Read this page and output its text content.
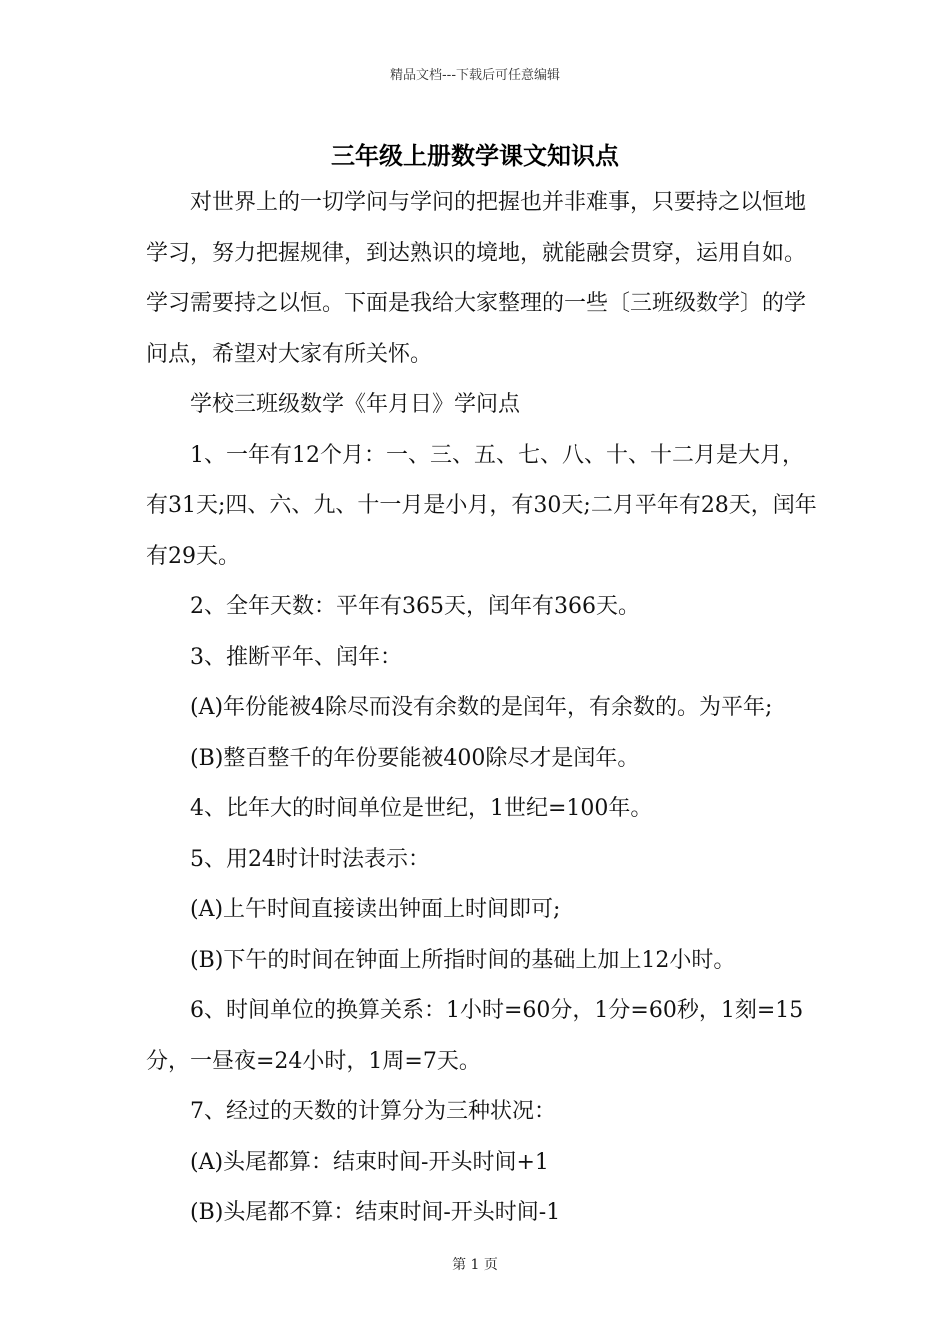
精品文档---下载后可任意编辑
三年级上册数学课文知识点

对世界上的一切学问与学问的把握也并非难事，只要持之以恒地学习，努力把握规律，到达熟识的境地，就能融会贯穿，运用自如。学习需要持之以恒。下面是我给大家整理的一些〔三班级数学〕的学问点，希望对大家有所关怀。

学校三班级数学《年月日》学问点

1、一年有12个月：一、三、五、七、八、十、十二月是大月，有31天;四、六、九、十一月是小月，有30天;二月平年有28天，闰年有29天。

2、全年天数：平年有365天，闰年有366天。

3、推断平年、闰年：

(A)年份能被4除尽而没有余数的是闰年，有余数的。为平年;

(B)整百整千的年份要能被400除尽才是闰年。

4、比年大的时间单位是世纪，1世纪=100年。

5、用24时计时法表示：

(A)上午时间直接读出钟面上时间即可;

(B)下午的时间在钟面上所指时间的基础上加上12小时。

6、时间单位的换算关系：1小时=60分，1分=60秒，1刻=15分，一昼夜=24小时，1周=7天。

7、经过的天数的计算分为三种状况：

(A)头尾都算：结束时间-开头时间+1

(B)头尾都不算：结束时间-开头时间-1

第 1 页
